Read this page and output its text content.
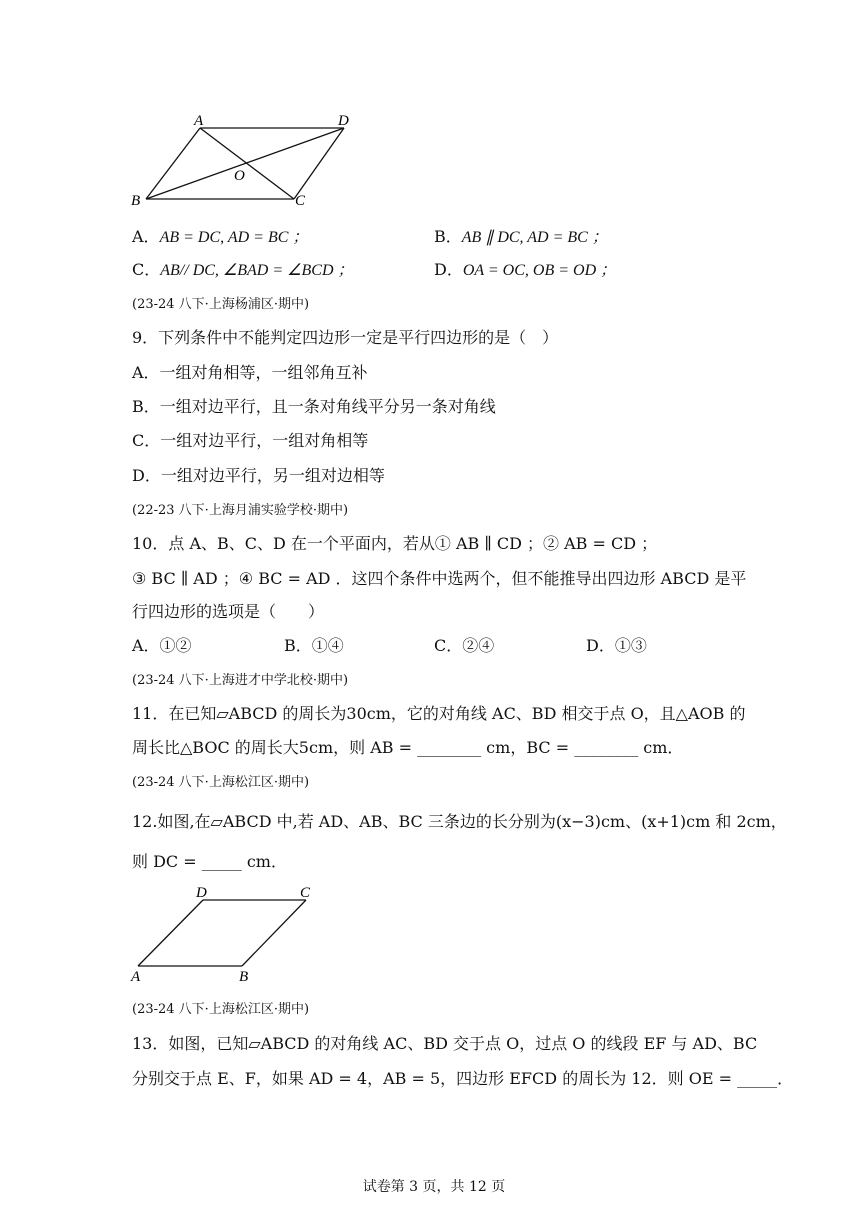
A	D
O
B	C
A．AB = DC, AD = BC ；	B．AB ∥ DC, AD = BC ；
C．AB// DC, ∠BAD = ∠BCD ；	D．OA = OC, OB = OD ；
(23-24 八下·上海杨浦区·期中)
9．下列条件中不能判定四边形一定是平行四边形的是（　）
A．一组对角相等，一组邻角互补
B．一组对边平行，且一条对角线平分另一条对角线
C．一组对边平行，一组对角相等
D．一组对边平行，另一组对边相等
(22-23 八下·上海月浦实验学校·期中)
10．点 A、B、C、D 在一个平面内，若从① AB ∥ CD ；② AB = CD ；
③ BC ∥ AD ；④ BC = AD ．这四个条件中选两个，但不能推导出四边形 ABCD 是平
行四边形的选项是（　　）
A．①②	B．①④	C．②④	D．①③
(23-24 八下·上海进才中学北校·期中)
11．在已知▱ABCD 的周长为30cm，它的对角线 AC、BD 相交于点 O，且△AOB 的
周长比△BOC 的周长大5cm，则 AB = ________ cm，BC = ________ cm．
(23-24 八下·上海松江区·期中)
12.如图,在▱ABCD 中,若 AD、AB、BC 三条边的长分别为(x−3)cm、(x+1)cm 和 2cm，
则 DC = _____ cm．
D	C
A	B
(23-24 八下·上海松江区·期中)
13．如图，已知▱ABCD 的对角线 AC、BD 交于点 O，过点 O 的线段 EF 与 AD、BC
分别交于点 E、F，如果 AD = 4，AB = 5，四边形 EFCD 的周长为 12．则 OE = _____．
试卷第 3 页，共 12 页
